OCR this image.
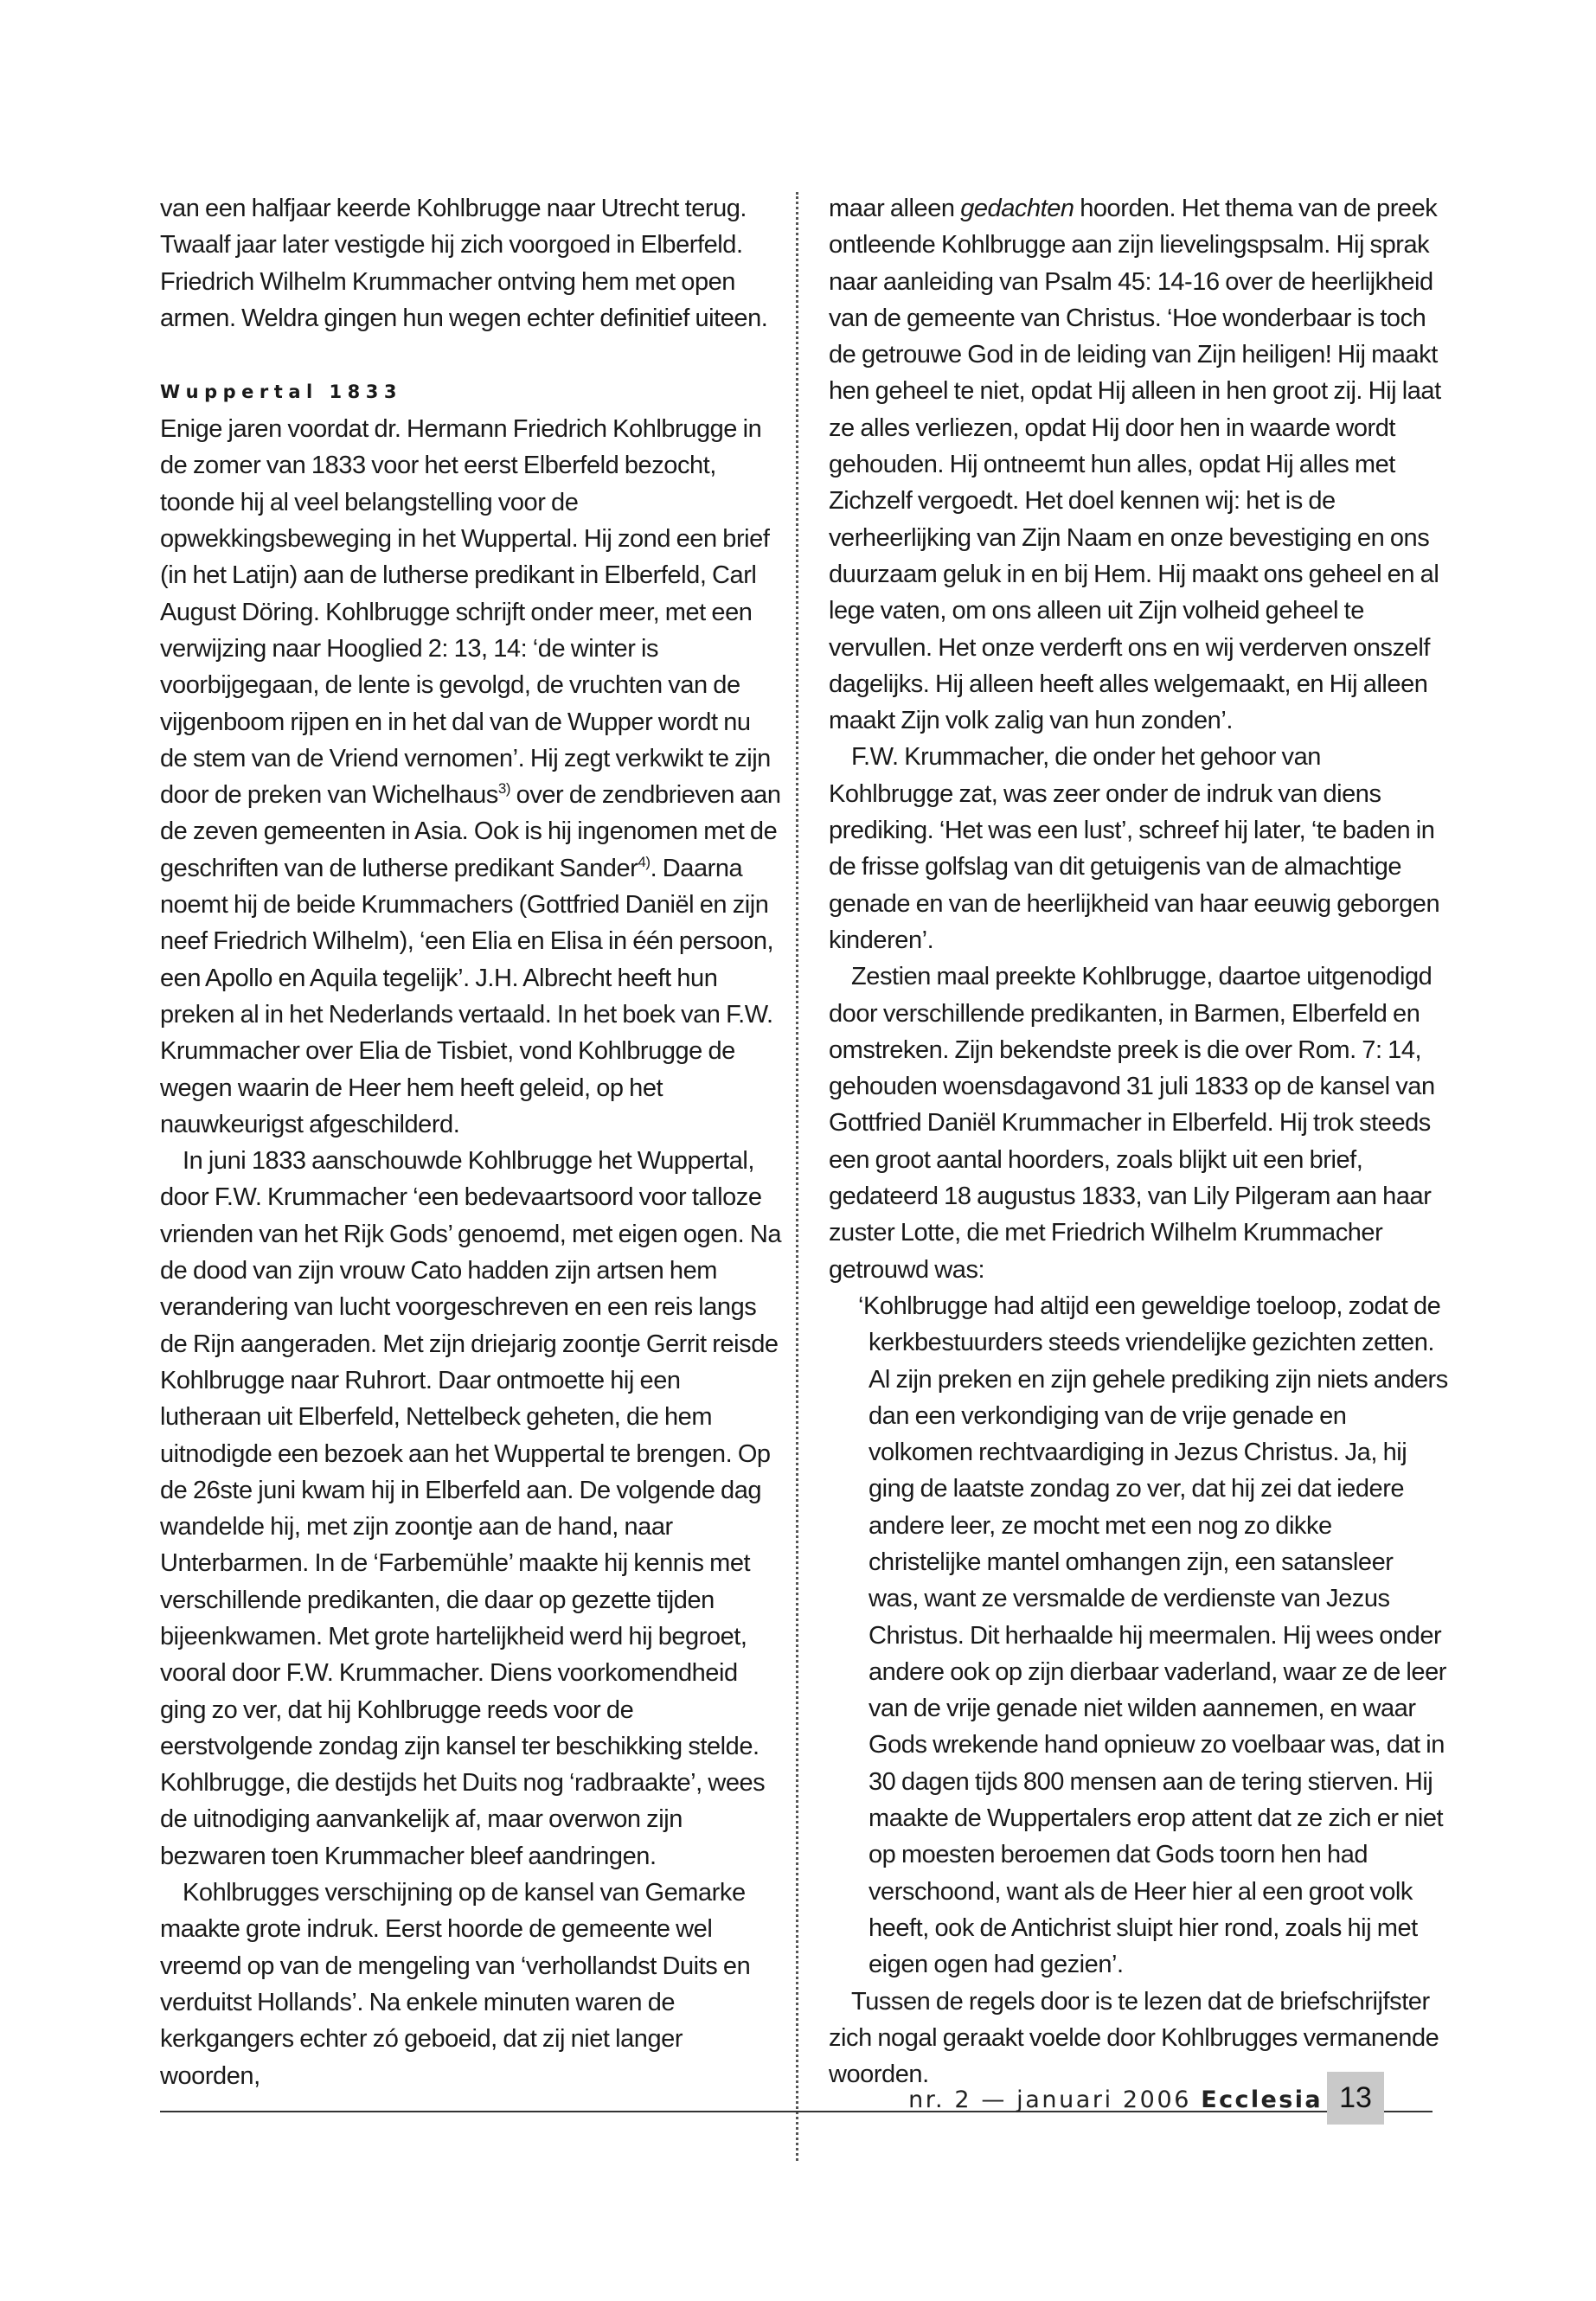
van een halfjaar keerde Kohlbrugge naar Utrecht terug. Twaalf jaar later vestigde hij zich voorgoed in Elberfeld. Friedrich Wilhelm Krummacher ontving hem met open armen. Weldra gingen hun wegen echter definitief uiteen.

Wuppertal 1833

Enige jaren voordat dr. Hermann Friedrich Kohlbrugge in de zomer van 1833 voor het eerst Elberfeld bezocht, toonde hij al veel belangstelling voor de opwekkingsbeweging in het Wuppertal. Hij zond een brief (in het Latijn) aan de lutherse predikant in Elberfeld, Carl August Döring. Kohlbrugge schrijft onder meer, met een verwijzing naar Hooglied 2: 13, 14: ‘de winter is voorbijgegaan, de lente is gevolgd, de vruchten van de vijgenboom rijpen en in het dal van de Wupper wordt nu de stem van de Vriend vernomen’. Hij zegt verkwikt te zijn door de preken van Wichelhaus$^{3)}$ over de zendbrieven aan de zeven gemeenten in Asia. Ook is hij ingenomen met de geschriften van de lutherse predikant Sander$^{4)}$. Daarna noemt hij de beide Krummachers (Gottfried Daniël en zijn neef Friedrich Wilhelm), ‘een Elia en Elisa in één persoon, een Apollo en Aquila tegelijk’. J.H. Albrecht heeft hun preken al in het Nederlands vertaald. In het boek van F.W. Krummacher over Elia de Tisbiet, vond Kohlbrugge de wegen waarin de Heer hem heeft geleid, op het nauwkeurigst afgeschilderd.

In juni 1833 aanschouwde Kohlbrugge het Wuppertal, door F.W. Krummacher ‘een bedevaartsoord voor talloze vrienden van het Rijk Gods’ genoemd, met eigen ogen. Na de dood van zijn vrouw Cato hadden zijn artsen hem verandering van lucht voorgeschreven en een reis langs de Rijn aangeraden. Met zijn driejarig zoontje Gerrit reisde Kohlbrugge naar Ruhrort. Daar ontmoette hij een lutheraan uit Elberfeld, Nettelbeck geheten, die hem uitnodigde een bezoek aan het Wuppertal te brengen. Op de 26ste juni kwam hij in Elberfeld aan. De volgende dag wandelde hij, met zijn zoontje aan de hand, naar Unterbarmen. In de ‘Farbemühle’ maakte hij kennis met verschillende predikanten, die daar op gezette tijden bijeenkwamen. Met grote hartelijkheid werd hij begroet, vooral door F.W. Krummacher. Diens voorkomendheid ging zo ver, dat hij Kohlbrugge reeds voor de eerstvolgende zondag zijn kansel ter beschikking stelde. Kohlbrugge, die destijds het Duits nog ‘radbraakte’, wees de uitnodiging aanvankelijk af, maar overwon zijn bezwaren toen Krummacher bleef aandringen.

Kohlbrugges verschijning op de kansel van Gemarke maakte grote indruk. Eerst hoorde de gemeente wel vreemd op van de mengeling van ‘verhollandst Duits en verduitst Hollands’. Na enkele minuten waren de kerkgangers echter zó geboeid, dat zij niet langer woorden,

maar alleen gedachten hoorden. Het thema van de preek ontleende Kohlbrugge aan zijn lievelingspsalm. Hij sprak naar aanleiding van Psalm 45: 14-16 over de heerlijkheid van de gemeente van Christus. ‘Hoe wonderbaar is toch de getrouwe God in de leiding van Zijn heiligen! Hij maakt hen geheel te niet, opdat Hij alleen in hen groot zij. Hij laat ze alles verliezen, opdat Hij door hen in waarde wordt gehouden. Hij ontneemt hun alles, opdat Hij alles met Zichzelf vergoedt. Het doel kennen wij: het is de verheerlijking van Zijn Naam en onze bevestiging en ons duurzaam geluk in en bij Hem. Hij maakt ons geheel en al lege vaten, om ons alleen uit Zijn volheid geheel te vervullen. Het onze verderft ons en wij verderven onszelf dagelijks. Hij alleen heeft alles welgemaakt, en Hij alleen maakt Zijn volk zalig van hun zonden’.

F.W. Krummacher, die onder het gehoor van Kohlbrugge zat, was zeer onder de indruk van diens prediking. ‘Het was een lust’, schreef hij later, ‘te baden in de frisse golfslag van dit getuigenis van de almachtige genade en van de heerlijkheid van haar eeuwig geborgen kinderen’.

Zestien maal preekte Kohlbrugge, daartoe uitgenodigd door verschillende predikanten, in Barmen, Elberfeld en omstreken. Zijn bekendste preek is die over Rom. 7: 14, gehouden woensdagavond 31 juli 1833 op de kansel van Gottfried Daniël Krummacher in Elberfeld. Hij trok steeds een groot aantal hoorders, zoals blijkt uit een brief, gedateerd 18 augustus 1833, van Lily Pilgeram aan haar zuster Lotte, die met Friedrich Wilhelm Krummacher getrouwd was:

‘Kohlbrugge had altijd een geweldige toeloop, zodat de kerkbestuurders steeds vriendelijke gezichten zetten. Al zijn preken en zijn gehele prediking zijn niets anders dan een verkondiging van de vrije genade en volkomen rechtvaardiging in Jezus Christus. Ja, hij ging de laatste zondag zo ver, dat hij zei dat iedere andere leer, ze mocht met een nog zo dikke christelijke mantel omhangen zijn, een satansleer was, want ze versmalde de verdienste van Jezus Christus. Dit herhaalde hij meermalen. Hij wees onder andere ook op zijn dierbaar vaderland, waar ze de leer van de vrije genade niet wilden aannemen, en waar Gods wrekende hand opnieuw zo voelbaar was, dat in 30 dagen tijds 800 mensen aan de tering stierven. Hij maakte de Wuppertalers erop attent dat ze zich er niet op moesten beroemen dat Gods toorn hen had verschoond, want als de Heer hier al een groot volk heeft, ook de Antichrist sluipt hier rond, zoals hij met eigen ogen had gezien’.

Tussen de regels door is te lezen dat de briefschrijfster zich nogal geraakt voelde door Kohlbrugges vermanende woorden.

nr. 2 — januari 2006 Ecclesia 13
